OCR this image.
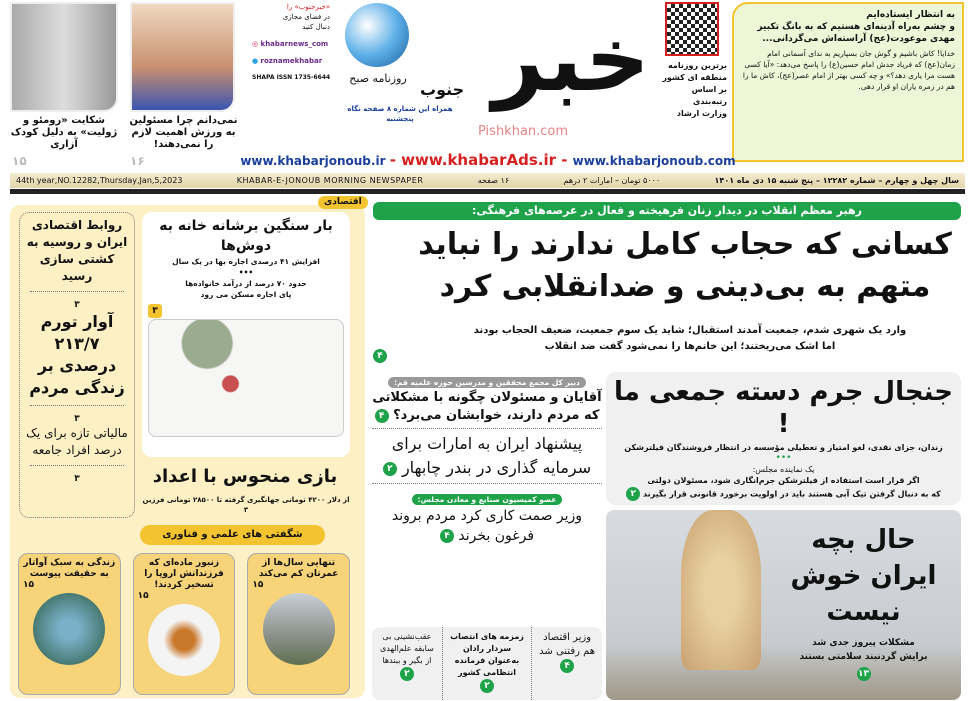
شکایت «رومئو و ژولیت» به دلیل کودک آزاری
۱۵
نمی‌دانم چرا مسئولین به ورزش اهمیت لازم را نمی‌دهند!
۱۶
«خبرجنوب» را
در فضای مجازی
دنبال کنید
◎ khabarnews_com
● roznamekhabar
SHAPA ISSN 1735-6644	روزنامه صبح خبر
جنوب
همراه این شماره ۸ صفحه نگاه پنجشنبه
برترین روزنامه
منطقه ای کشور
بر اساس
رتبه‌بندی
وزارت ارشاد
به انتظار ایستاده‌ایم
و چشم به‌راه آدینه‌ای هستیم که به بانگ تکبیر
مهدی موعودت(عج) آراسته‌اش می‌گردانی...
خدایا! کاش باشیم و گوش جان بسپاریم به ندای آسمانی امام زمان(عج) که فریاد جدش امام حسین(ع) را پاسخ می‌دهد: «آیا کسی هست مرا یاری دهد؟» و چه کسی بهتر از امام عصر(عج)، کاش ما را هم در زمره یاران او قرار دهی.
Pishkhan.com
www.khabarjonoub.ir - www.khabarAds.ir - www.khabarjonoub.com
44th year,NO.12282,Thursday,Jan,5,2023	KHABAR-E-JONOUB MORNING NEWSPAPER	۱۶ صفحه	۵۰۰۰ تومان – امارات ۲ درهم	سال چهل و چهارم – شماره ۱۲۲۸۲ – پنج شنبه ۱۵ دی ماه ۱۴۰۱
رهبر معظم انقلاب در دیدار زنان فرهیخته و فعال در عرصه‌های فرهنگی:
کسانی که حجاب کامل ندارند را نباید متهم به بی‌دینی و ضدانقلابی کرد
وارد یک شهری شدم، جمعیت آمدند استقبال؛ شاید یک سوم جمعیت، ضعیف الحجاب بودند
اما اشک می‌ریختند؛ این خانم‌ها را نمی‌شود گفت ضد انقلاب
۴
جنجال جرم دسته جمعی ما !
زندان، جزای نقدی، لغو امتیاز و تعطیلی مؤسسه در انتظار فروشندگان فیلترشکن
•••
یک نماینده مجلس:
اگر قرار است استفاده از فیلترشکن جرم‌انگاری شود، مسئولان دولتی
که به دنبال گرفتن تیک آبی هستند باید در اولویت برخورد قانونی قرار بگیرند ۲
حال بچه ایران خوش نیست
مشکلات پیروز جدی شد
برایش گردنبند سلامتی بستند
۱۳
دبیر کل مجمع محققین و مدرسین حوزه علمیه قم:
آقایان و مسئولان چگونه با مشکلاتی که مردم دارند، خوابشان می‌برد؟ ۴
پیشنهاد ایران به امارات برای سرمایه گذاری در بندر چابهار ۲
عضو کمیسیون صنایع و معادن مجلس:
وزیر صمت کاری کرد مردم بروند فرغون بخرند ۴
وزیر اقتصاد هم رفتنی شد
۴
زمزمه های انتصاب سردار رادان به‌عنوان فرمانده انتظامی کشور
۲
عقب‌نشینی بی سابقه علم‌الهدی از بگیر و ببندها
۲
اقتصادی
روابط اقتصادی ایران و روسیه به کشتی سازی رسید
۳
آوار تورم ۲۱۳/۷ درصدی بر زندگی مردم
۳
مالیاتی تازه برای یک درصد افراد جامعه
۳
بار سنگین برشانه خانه به دوش‌ها
افزایش ۴۱ درصدی اجاره بها در یک سال
•••
حدود ۷۰ درصد از درآمد خانواده‌ها
پای اجاره مسکن می رود
۳
بازی منحوس با اعداد
از دلار ۴۲۰۰ تومانی جهانگیری گرفته تا ۲۸۵۰۰ تومانی فرزین ۳
شگفتی های علمی و فناوری
تنهایی سال‌ها از عمرتان کم می‌کند
۱۵
زنبور ماده‌ای که فرزندانش اروپا را تسخیر کردند!
۱۵
زندگی به سبک آواتار به حقیقت پیوست
۱۵
